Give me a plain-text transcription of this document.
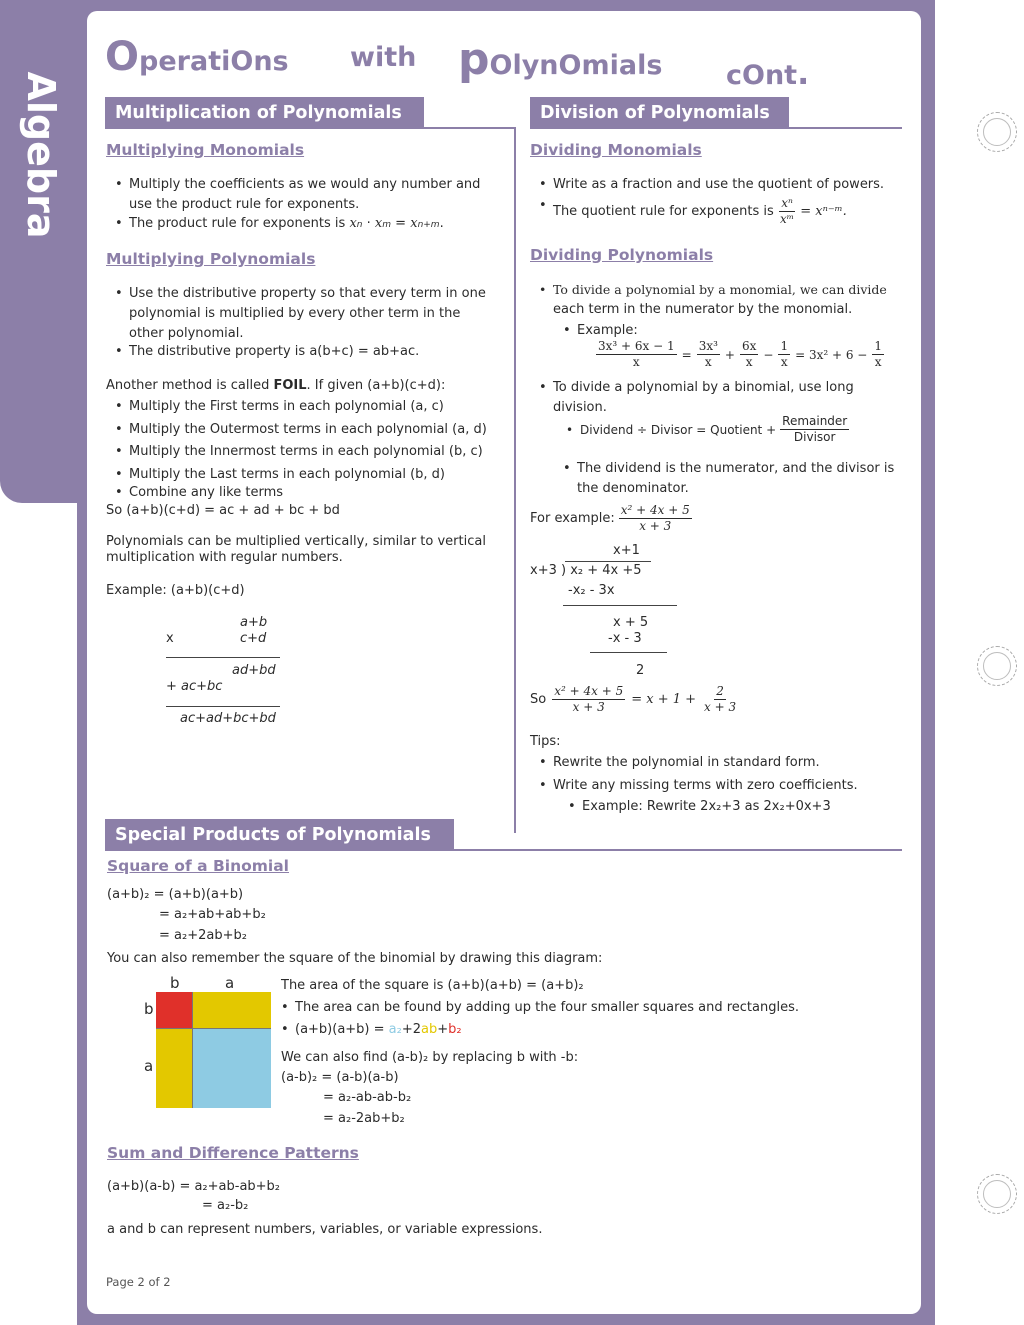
Algebra
OperatiOns with pOlynOmials cOnt.
Multiplication of Polynomials
Multiplying Monomials
• Multiply the coefficients as we would any number and
use the product rule for exponents.
• The product rule for exponents is xn · xm = xn+m.
Multiplying Polynomials
• Use the distributive property so that every term in one
polynomial is multiplied by every other term in the
other polynomial.
• The distributive property is a(b+c) = ab+ac.
Another method is called FOIL. If given (a+b)(c+d):
• Multiply the First terms in each polynomial (a, c)
• Multiply the Outermost terms in each polynomial (a, d)
• Multiply the Innermost terms in each polynomial (b, c)
• Multiply the Last terms in each polynomial (b, d)
• Combine any like terms
So (a+b)(c+d) = ac + ad + bc + bd
Polynomials can be multiplied vertically, similar to vertical
multiplication with regular numbers.
Example: (a+b)(c+d)
a+b
x	c+d
ad+bd
+ ac+bc
ac+ad+bc+bd
Division of Polynomials
Dividing Monomials
• Write as a fraction and use the quotient of powers.
• The quotient rule for exponents is $\frac{\text{xⁿ}}{\text{xᵐ}}$ = xⁿ⁻ᵐ.
Dividing Polynomials
• To divide a polynomial by a monomial, we can divide
each term in the numerator by the monomial.
• Example:
$\frac{\text{3x³ + 6x − 1}}{x} = \frac{\text{3x³}}{x} + \frac{6x}{x} - \frac{1}{x} = 3x^2 + 6 - \frac{1}{x}$
• To divide a polynomial by a binomial, use long
division.
• Dividend ÷ Divisor = Quotient + $\frac{\text{Remainder}}{\text{Divisor}}$
• The dividend is the numerator, and the divisor is
the denominator.
For example: $\frac{\text{x² + 4x + 5}}{x + 3}$
x+1
x+3 ) x₂ + 4x +5
-x₂ - 3x
x + 5
-x - 3
2
So $\frac{\text{x² + 4x + 5}}{x + 3} = x + 1 + \frac{2}{x + 3}$
Tips:
• Rewrite the polynomial in standard form.
• Write any missing terms with zero coefficients.
• Example: Rewrite 2x₂+3 as 2x₂+0x+3
Special Products of Polynomials
Square of a Binomial
(a+b)₂ = (a+b)(a+b)
= a₂+ab+ab+b₂
= a₂+2ab+b₂
You can also remember the square of the binomial by drawing this diagram:
b	a
b
a
The area of the square is (a+b)(a+b) = (a+b)₂
• The area can be found by adding up the four smaller squares and rectangles.
• (a+b)(a+b) = a₂+2ab+b₂
We can also find (a-b)₂ by replacing b with -b:
(a-b)₂ = (a-b)(a-b)
= a₂-ab-ab-b₂
= a₂-2ab+b₂
Sum and Difference Patterns
(a+b)(a-b) = a₂+ab-ab+b₂
= a₂-b₂
a and b can represent numbers, variables, or variable expressions.
Page 2 of 2
